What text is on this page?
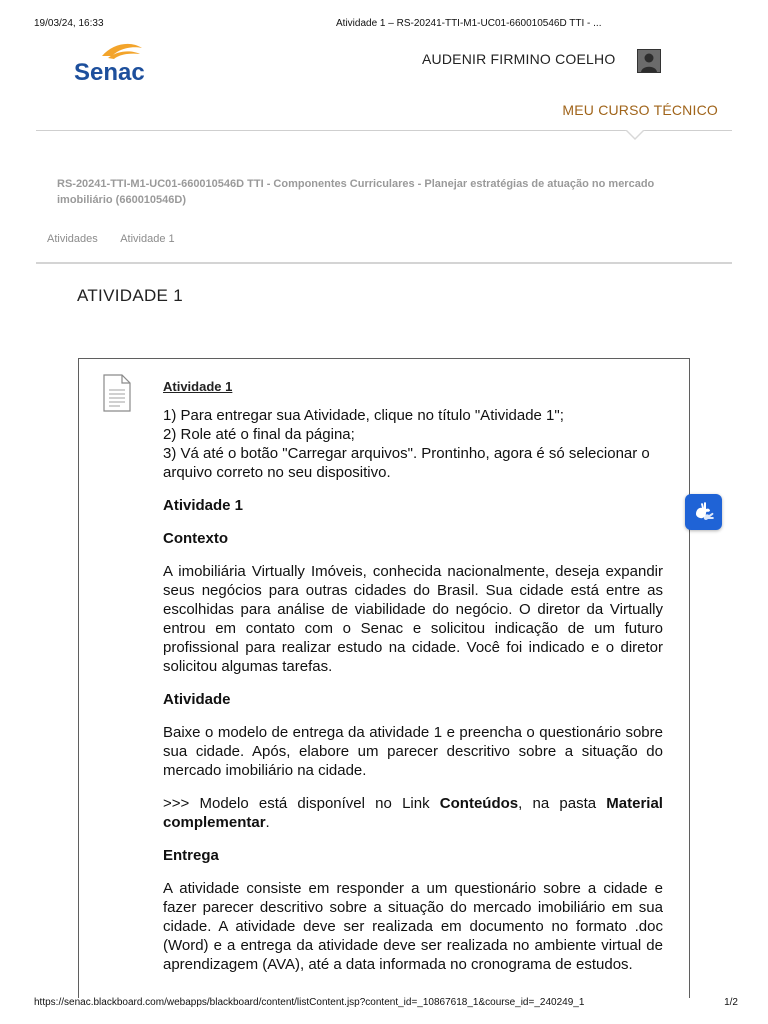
19/03/24, 16:33	Atividade 1 – RS-20241-TTI-M1-UC01-660010546D TTI - ...
Senac	AUDENIR FIRMINO COELHO
MEU CURSO TÉCNICO
RS-20241-TTI-M1-UC01-660010546D TTI - Componentes Curriculares - Planejar estratégias de atuação no mercado imobiliário (660010546D)
Atividades Atividade 1
ATIVIDADE 1
Atividade 1

1) Para entregar sua Atividade, clique no título "Atividade 1";
2) Role até o final da página;
3) Vá até o botão "Carregar arquivos". Prontinho, agora é só selecionar o arquivo correto no seu dispositivo.

Atividade 1

Contexto

A imobiliária Virtually Imóveis, conhecida nacionalmente, deseja expandir seus negócios para outras cidades do Brasil. Sua cidade está entre as escolhidas para análise de viabilidade do negócio. O diretor da Virtually entrou em contato com o Senac e solicitou indicação de um futuro profissional para realizar estudo na cidade. Você foi indicado e o diretor solicitou algumas tarefas.

Atividade

Baixe o modelo de entrega da atividade 1 e preencha o questionário sobre sua cidade. Após, elabore um parecer descritivo sobre a situação do mercado imobiliário na cidade.

>>> Modelo está disponível no Link Conteúdos, na pasta Material complementar.

Entrega

A atividade consiste em responder a um questionário sobre a cidade e fazer parecer descritivo sobre a situação do mercado imobiliário em sua cidade. A atividade deve ser realizada em documento no formato .doc (Word) e a entrega da atividade deve ser realizada no ambiente virtual de aprendizagem (AVA), até a data informada no cronograma de estudos.

https://senac.blackboard.com/webapps/blackboard/content/listContent.jsp?content_id=_10867618_1&course_id=_240249_1	1/2
